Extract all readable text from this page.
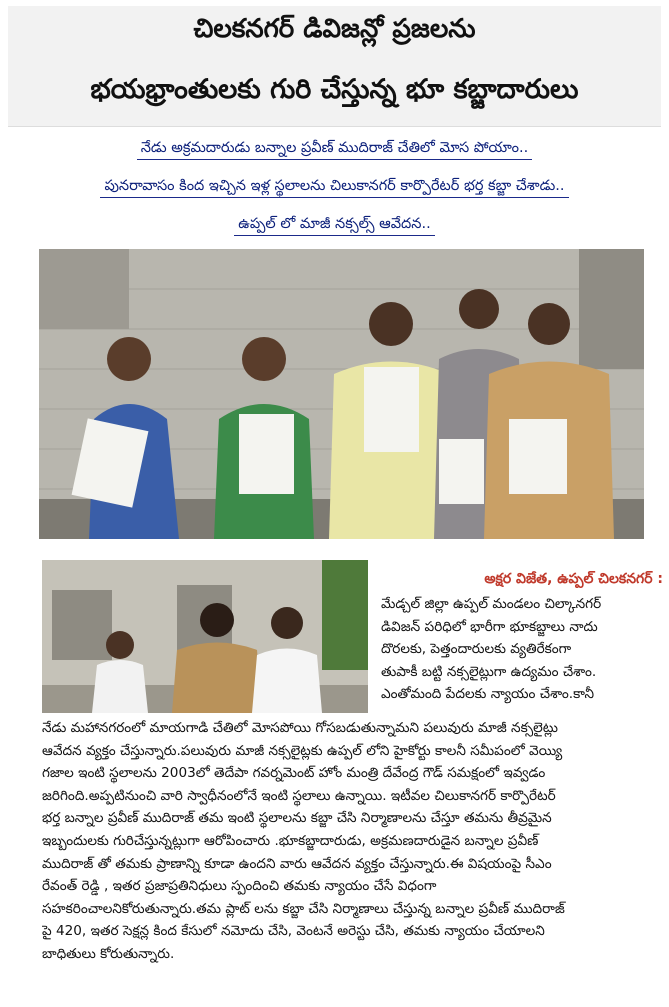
చిలకనగర్ డివిజన్లో ప్రజలను
భయభ్రాంతులకు గురి చేస్తున్న భూ కబ్జాదారులు
నేడు అక్రమదారుడు బన్నాల ప్రవీణ్ ముదిరాజ్ చేతిలో మోస పోయాం..
పునరావాసం కింద ఇచ్చిన ఇళ్ల స్థలాలను చిలుకానగర్ కార్పొరేటర్ భర్త కబ్జా చేశాడు..
ఉప్పల్ లో మాజీ నక్సల్స్ ఆవేదన..
అక్షర విజేత, ఉప్పల్ చిలకనగర్ :
మేడ్చల్ జిల్లా ఉప్పల్ మండలం చిల్కానగర్
డివిజన్ పరిధిలో భారీగా భూకబ్జాలు నాదు
దొరలకు, పెత్తందారులకు వ్యతిరేకంగా
తుపాకీ బట్టి నక్సలైట్లుగా ఉద్యమం చేశాం.
ఎంతోమంది పేదలకు న్యాయం చేశాం.కానీ
నేడు మహానగరంలో మాయగాడి చేతిలో మోసపోయి గోసబడుతున్నామని పలువురు మాజీ నక్సలైట్లు
ఆవేదన వ్యక్తం చేస్తున్నారు.పలువురు మాజీ నక్సలైట్లకు ఉప్పల్ లోని హైకోర్టు కాలనీ సమీపంలో వెయ్యి
గజాల ఇంటి స్థలాలను 2003లో తెదేపా గవర్నమెంట్ హోం మంత్రి దేవేంద్ర గౌడ్ సమక్షంలో ఇవ్వడం
జరిగింది.అప్పటినుంచి వారి స్వాధీనంలోనే ఇంటి స్థలాలు ఉన్నాయి. ఇటీవల చిలుకానగర్ కార్పొరేటర్
భర్త బన్నాల ప్రవీణ్ ముదిరాజ్ తమ ఇంటి స్థలాలను కబ్జా చేసి నిర్మాణాలను చేస్తూ తమను తీవ్రమైన
ఇబ్బందులకు గురిచేస్తున్నట్లుగా ఆరోపించారు .భూకబ్జాదారుడు, అక్రమణదారుడైన బన్నాల ప్రవీణ్
ముదిరాజ్ తో తమకు ప్రాణాన్ని కూడా ఉందని వారు ఆవేదన వ్యక్తం చేస్తున్నారు.ఈ విషయంపై సీఎం
రేవంత్ రెడ్డి , ఇతర ప్రజాప్రతినిధులు స్పందించి తమకు న్యాయం చేసే విధంగా
సహకరించాలనికోరుతున్నారు.తమ ప్లాట్ లను కబ్జా చేసి నిర్మాణాలు చేస్తున్న బన్నాల ప్రవీణ్ ముదిరాజ్
పై 420, ఇతర సెక్షన్ల కింద కేసులో నమోదు చేసి, వెంటనే అరెస్టు చేసి, తమకు న్యాయం చేయాలని
బాధితులు కోరుతున్నారు.
